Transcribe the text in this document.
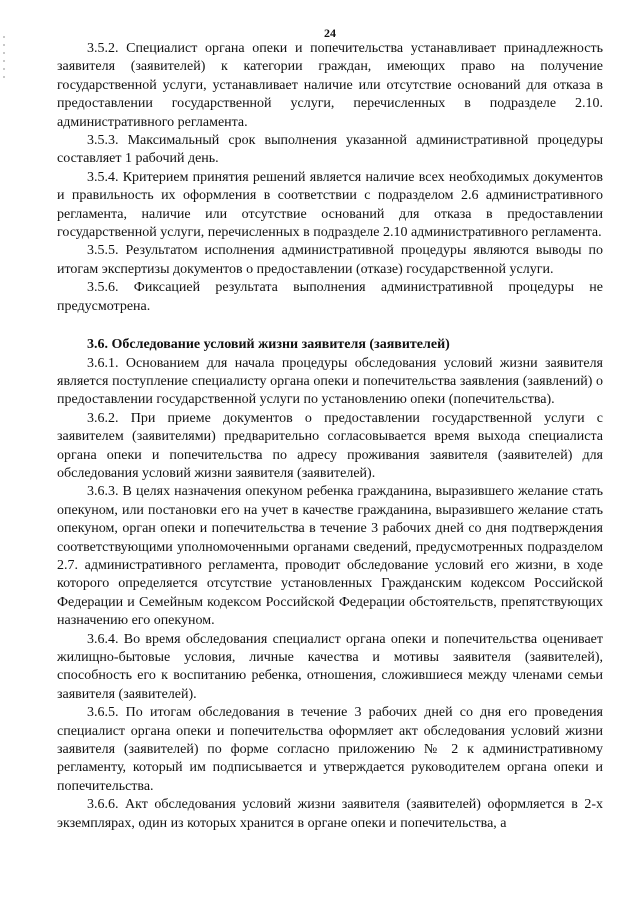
24

3.5.2. Специалист органа опеки и попечительства устанавливает принадлежность заявителя (заявителей) к категории граждан, имеющих право на получение государственной услуги, устанавливает наличие или отсутствие оснований для отказа в предоставлении государственной услуги, перечисленных в подразделе 2.10. административного регламента.

3.5.3. Максимальный срок выполнения указанной административной процедуры составляет 1 рабочий день.

3.5.4. Критерием принятия решений является наличие всех необходимых документов и правильность их оформления в соответствии с подразделом 2.6 административного регламента, наличие или отсутствие оснований для отказа в предоставлении государственной услуги, перечисленных в подразделе 2.10 административного регламента.

3.5.5. Результатом исполнения административной процедуры являются выводы по итогам экспертизы документов о предоставлении (отказе) государственной услуги.

3.5.6. Фиксацией результата выполнения административной процедуры не предусмотрена.

3.6. Обследование условий жизни заявителя (заявителей)

3.6.1. Основанием для начала процедуры обследования условий жизни заявителя является поступление специалисту органа опеки и попечительства заявления (заявлений) о предоставлении государственной услуги по установлению опеки (попечительства).

3.6.2. При приеме документов о предоставлении государственной услуги с заявителем (заявителями) предварительно согласовывается время выхода специалиста органа опеки и попечительства по адресу проживания заявителя (заявителей) для обследования условий жизни заявителя (заявителей).

3.6.3. В целях назначения опекуном ребенка гражданина, выразившего желание стать опекуном, или постановки его на учет в качестве гражданина, выразившего желание стать опекуном, орган опеки и попечительства в течение 3 рабочих дней со дня подтверждения соответствующими уполномоченными органами сведений, предусмотренных подразделом 2.7. административного регламента, проводит обследование условий его жизни, в ходе которого определяется отсутствие установленных Гражданским кодексом Российской Федерации и Семейным кодексом Российской Федерации обстоятельств, препятствующих назначению его опекуном.

3.6.4. Во время обследования специалист органа опеки и попечительства оценивает жилищно-бытовые условия, личные качества и мотивы заявителя (заявителей), способность его к воспитанию ребенка, отношения, сложившиеся между членами семьи заявителя (заявителей).

3.6.5. По итогам обследования в течение 3 рабочих дней со дня его проведения специалист органа опеки и попечительства оформляет акт обследования условий жизни заявителя (заявителей) по форме согласно приложению № 2 к административному регламенту, который им подписывается и утверждается руководителем органа опеки и попечительства.

3.6.6. Акт обследования условий жизни заявителя (заявителей) оформляется в 2-х экземплярах, один из которых хранится в органе опеки и попечительства, а
